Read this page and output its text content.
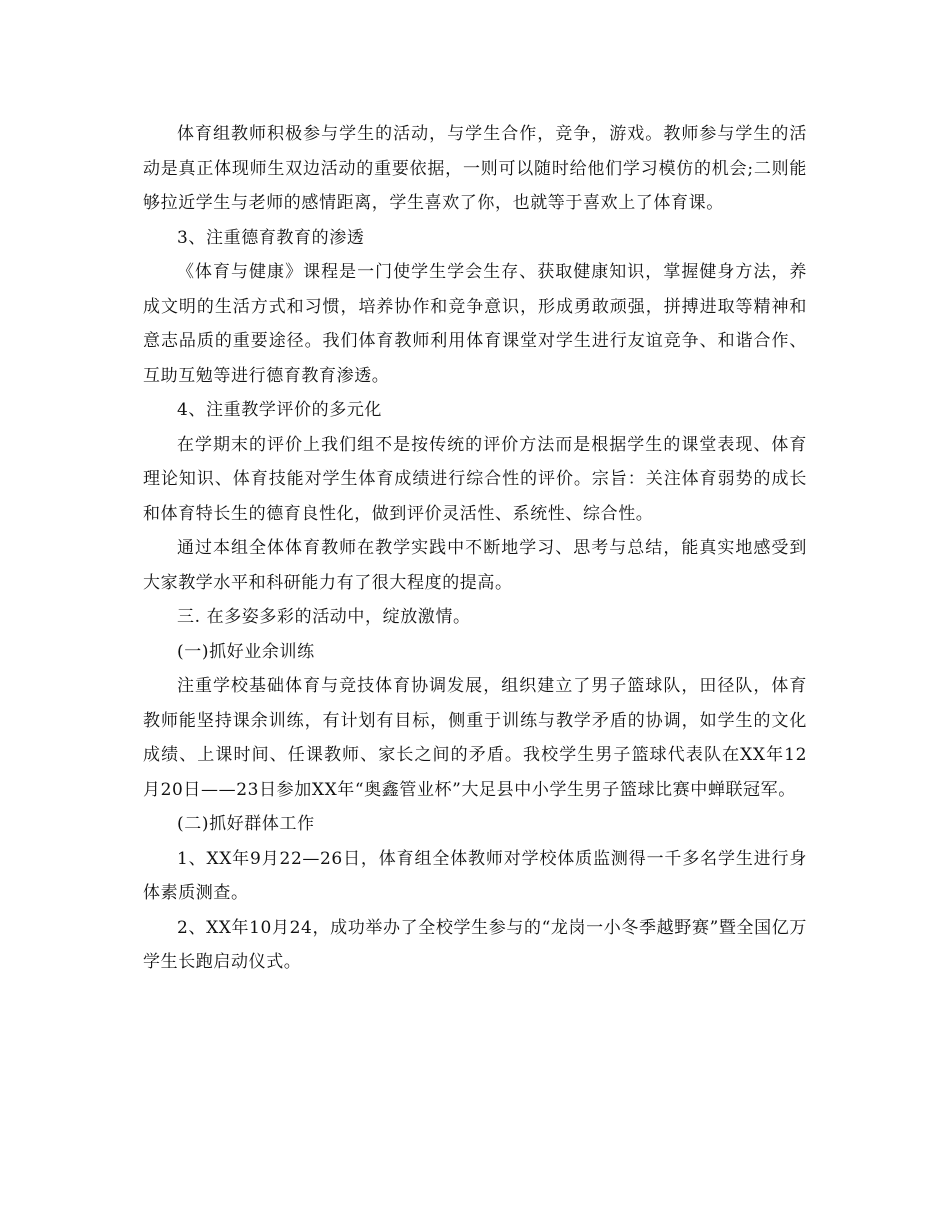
体育组教师积极参与学生的活动，与学生合作，竞争，游戏。教师参与学生的活动是真正体现师生双边活动的重要依据，一则可以随时给他们学习模仿的机会;二则能够拉近学生与老师的感情距离，学生喜欢了你，也就等于喜欢上了体育课。

3、注重德育教育的渗透

《体育与健康》课程是一门使学生学会生存、获取健康知识，掌握健身方法，养成文明的生活方式和习惯，培养协作和竞争意识，形成勇敢顽强，拼搏进取等精神和意志品质的重要途径。我们体育教师利用体育课堂对学生进行友谊竞争、和谐合作、互助互勉等进行德育教育渗透。

4、注重教学评价的多元化

在学期末的评价上我们组不是按传统的评价方法而是根据学生的课堂表现、体育理论知识、体育技能对学生体育成绩进行综合性的评价。宗旨：关注体育弱势的成长和体育特长生的德育良性化，做到评价灵活性、系统性、综合性。

通过本组全体体育教师在教学实践中不断地学习、思考与总结，能真实地感受到大家教学水平和科研能力有了很大程度的提高。

三. 在多姿多彩的活动中，绽放激情。

(一)抓好业余训练

注重学校基础体育与竞技体育协调发展，组织建立了男子篮球队，田径队，体育教师能坚持课余训练，有计划有目标，侧重于训练与教学矛盾的协调，如学生的文化成绩、上课时间、任课教师、家长之间的矛盾。我校学生男子篮球代表队在XX年12月20日——23日参加XX年“奥鑫管业杯”大足县中小学生男子篮球比赛中蝉联冠军。

(二)抓好群体工作

1、XX年9月22—26日，体育组全体教师对学校体质监测得一千多名学生进行身体素质测查。

2、XX年10月24，成功举办了全校学生参与的“龙岗一小冬季越野赛”暨全国亿万学生长跑启动仪式。
